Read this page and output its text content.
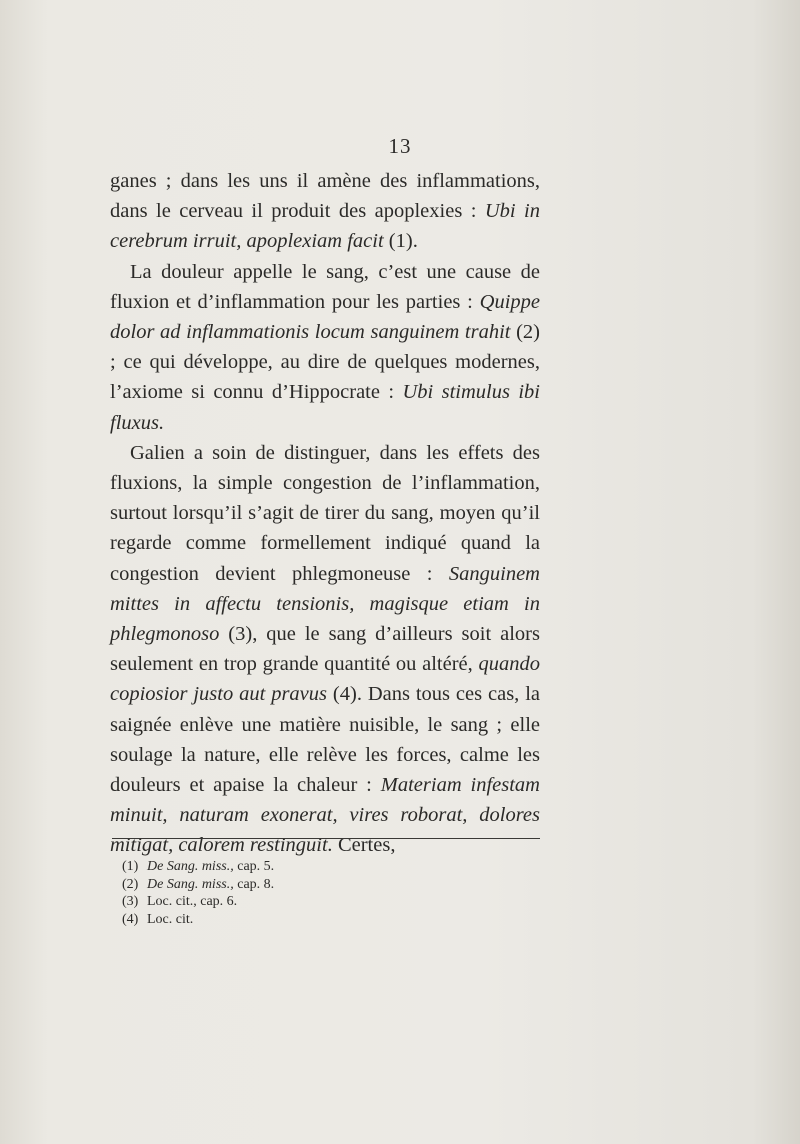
13

ganes ; dans les uns il amène des inflammations, dans le cerveau il produit des apoplexies : Ubi in cerebrum irruit, apoplexiam facit (1).

La douleur appelle le sang, c’est une cause de fluxion et d’inflammation pour les parties : Quippe dolor ad inflammationis locum sanguinem trahit (2) ; ce qui développe, au dire de quelques modernes, l’axiome si connu d’Hippocrate : Ubi stimulus ibi fluxus.

Galien a soin de distinguer, dans les effets des fluxions, la simple congestion de l’inflammation, surtout lorsqu’il s’agit de tirer du sang, moyen qu’il regarde comme formellement indiqué quand la congestion devient phlegmoneuse : Sanguinem mittes in affectu tensionis, magisque etiam in phlegmonoso (3), que le sang d’ailleurs soit alors seulement en trop grande quantité ou altéré, quando copiosior justo aut pravus (4). Dans tous ces cas, la saignée enlève une matière nuisible, le sang ; elle soulage la nature, elle relève les forces, calme les douleurs et apaise la chaleur : Materiam infestam minuit, naturam exonerat, vires roborat, dolores mitigat, calorem restinguit. Certes,

(1) De Sang. miss., cap. 5.
(2) De Sang. miss., cap. 8.
(3) Loc. cit., cap. 6.
(4) Loc. cit.
